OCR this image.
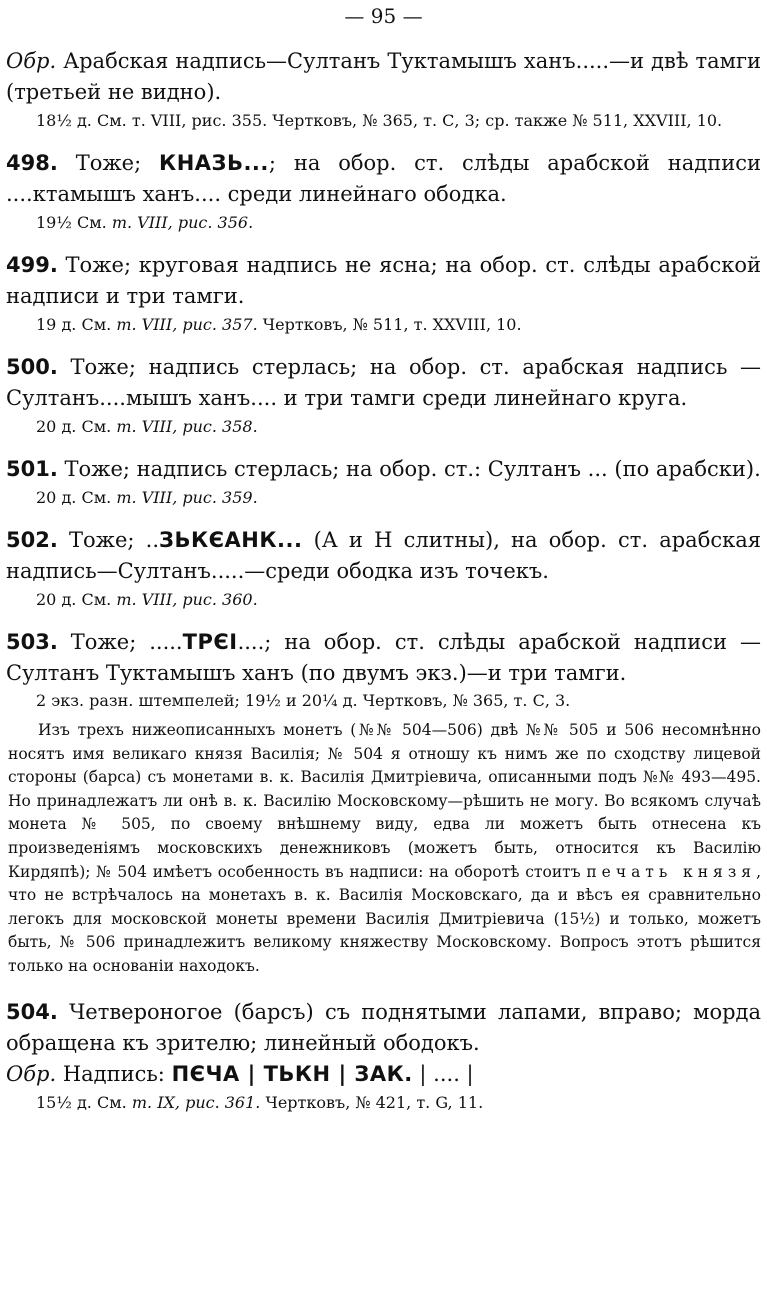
— 95 —
Обр. Арабская надпись—Султанъ Туктамышъ ханъ.....—и двѣ тамги (третьей не видно).
18½ д. См. т. VIII, рис. 355. Чертковъ, № 365, т. С, 3; ср. также № 511, XXVIII, 10.
498. Тоже; КНАЗЬ...; на обор. ст. слѣды арабской надписи ....ктамышъ ханъ.... среди линейнаго ободка.
19½ См. т. VIII, рис. 356.
499. Тоже; круговая надпись не ясна; на обор. ст. слѣды арабской надписи и три тамги.
19 д. См. т. VIII, рис. 357. Чертковъ, № 511, т. XXVIII, 10.
500. Тоже; надпись стерлась; на обор. ст. арабская надпись — Султанъ....мышъ ханъ.... и три тамги среди линейнаго круга.
20 д. См. т. VIII, рис. 358.
501. Тоже; надпись стерлась; на обор. ст.: Султанъ ... (по арабски).
20 д. См. т. VIII, рис. 359.
502. Тоже; ..ЗЬКЄАНК... (А и Н слитны), на обор. ст. арабская надпись—Султанъ.....—среди ободка изъ точекъ.
20 д. См. т. VIII, рис. 360.
503. Тоже; .....ТРЄІ....; на обор. ст. слѣды арабской надписи — Султанъ Туктамышъ ханъ (по двумъ экз.)—и три тамги.
2 экз. разн. штемпелей; 19½ и 20¼ д. Чертковъ, № 365, т. С, 3.
Изъ трехъ нижеописанныхъ монетъ (№№ 504—506) двѣ №№ 505 и 506 несомнѣнно носятъ имя великаго князя Василія; № 504 я отношу къ нимъ же по сходству лицевой стороны (барса) съ монетами в. к. Василія Дмитріевича, описанными подъ №№ 493—495. Но принадлежатъ ли онѣ в. к. Василію Московскому—рѣшить не могу. Во всякомъ случаѣ монета № 505, по своему внѣшнему виду, едва ли можетъ быть отнесена къ произведеніямъ московскихъ денежниковъ (можетъ быть, относится къ Василію Кирдяпѣ); № 504 имѣетъ особенность въ надписи: на оборотѣ стоитъ печать князя, что не встрѣчалось на монетахъ в. к. Василія Московскаго, да и вѣсъ ея сравнительно легокъ для московской монеты времени Василія Дмитріевича (15½) и только, можетъ быть, № 506 принадлежитъ великому княжеству Московскому. Вопросъ этотъ рѣшится только на основаніи находокъ.
504. Четвероногое (барсъ) съ поднятыми лапами, вправо; морда обращена къ зрителю; линейный ободокъ.
Обр. Надпись: ПЄЧА | ТЬКН | ЗАК. | .... |
15½ д. См. т. IX, рис. 361. Чертковъ, № 421, т. G, 11.
